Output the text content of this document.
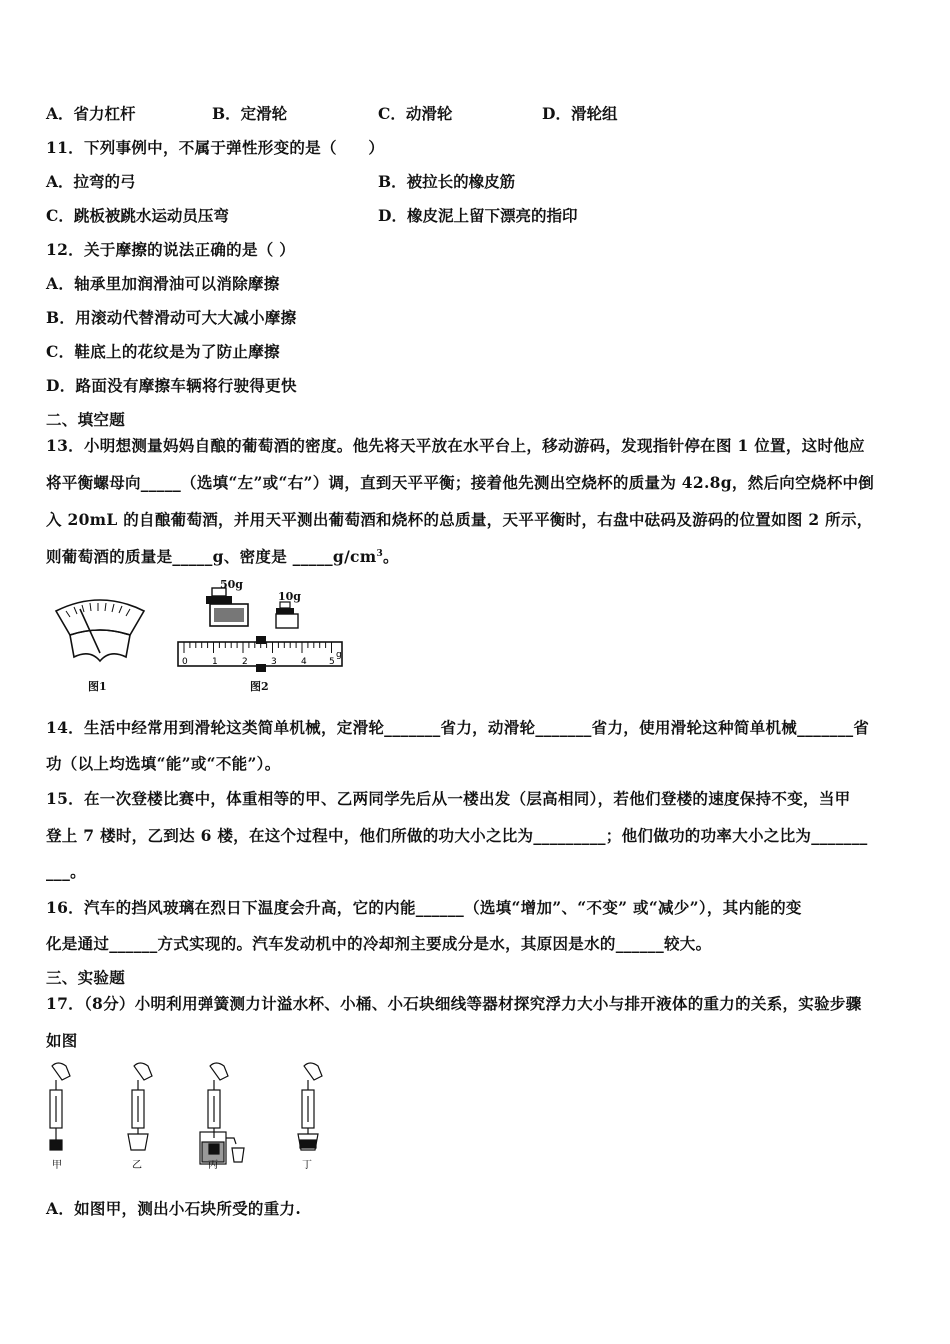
A．省力杠杆	B．定滑轮	C．动滑轮	D．滑轮组
11．下列事例中，不属于弹性形变的是（　　）
A．拉弯的弓	B．被拉长的橡皮筋
C．跳板被跳水运动员压弯	D．橡皮泥上留下漂亮的指印
12．关于摩擦的说法正确的是（ ）
A．轴承里加润滑油可以消除摩擦
B．用滚动代替滑动可大大减小摩擦
C．鞋底上的花纹是为了防止摩擦
D．路面没有摩擦车辆将行驶得更快
二、填空题
13．小明想测量妈妈自酿的葡萄酒的密度。他先将天平放在水平台上，移动游码，发现指针停在图 1 位置，这时他应
将平衡螺母向_____（选填“左”或“右”）调，直到天平平衡；接着他先测出空烧杯的质量为 42.8g，然后向空烧杯中倒
入 20mL 的自酿葡萄酒，并用天平测出葡萄酒和烧杯的总质量，天平平衡时，右盘中砝码及游码的位置如图 2 所示，
则葡萄酒的质量是_____g、密度是 $\_\_\_\_\_g/cm^3$。
图1
0	1	2	3	4 5
g
50g
10g
图2
14．生活中经常用到滑轮这类简单机械，定滑轮_______省力，动滑轮_______省力，使用滑轮这种简单机械_______省
功（以上均选填“能”或“不能”）。
15．在一次登楼比赛中，体重相等的甲、乙两同学先后从一楼出发（层高相同），若他们登楼的速度保持不变，当甲
登上 7 楼时，乙到达 6 楼，在这个过程中，他们所做的功大小之比为_________；他们做功的功率大小之比为_______
___。
16．汽车的挡风玻璃在烈日下温度会升高，它的内能______（选填“增加”、“不变” 或“减少”），其内能的变
化是通过______方式实现的。汽车发动机中的冷却剂主要成分是水，其原因是水的______较大。
三、实验题
17．（8分）小明利用弹簧测力计溢水杯、小桶、小石块细线等器材探究浮力大小与排开液体的重力的关系，实验步骤
如图
甲	乙	丙	丁
A．如图甲，测出小石块所受的重力.
